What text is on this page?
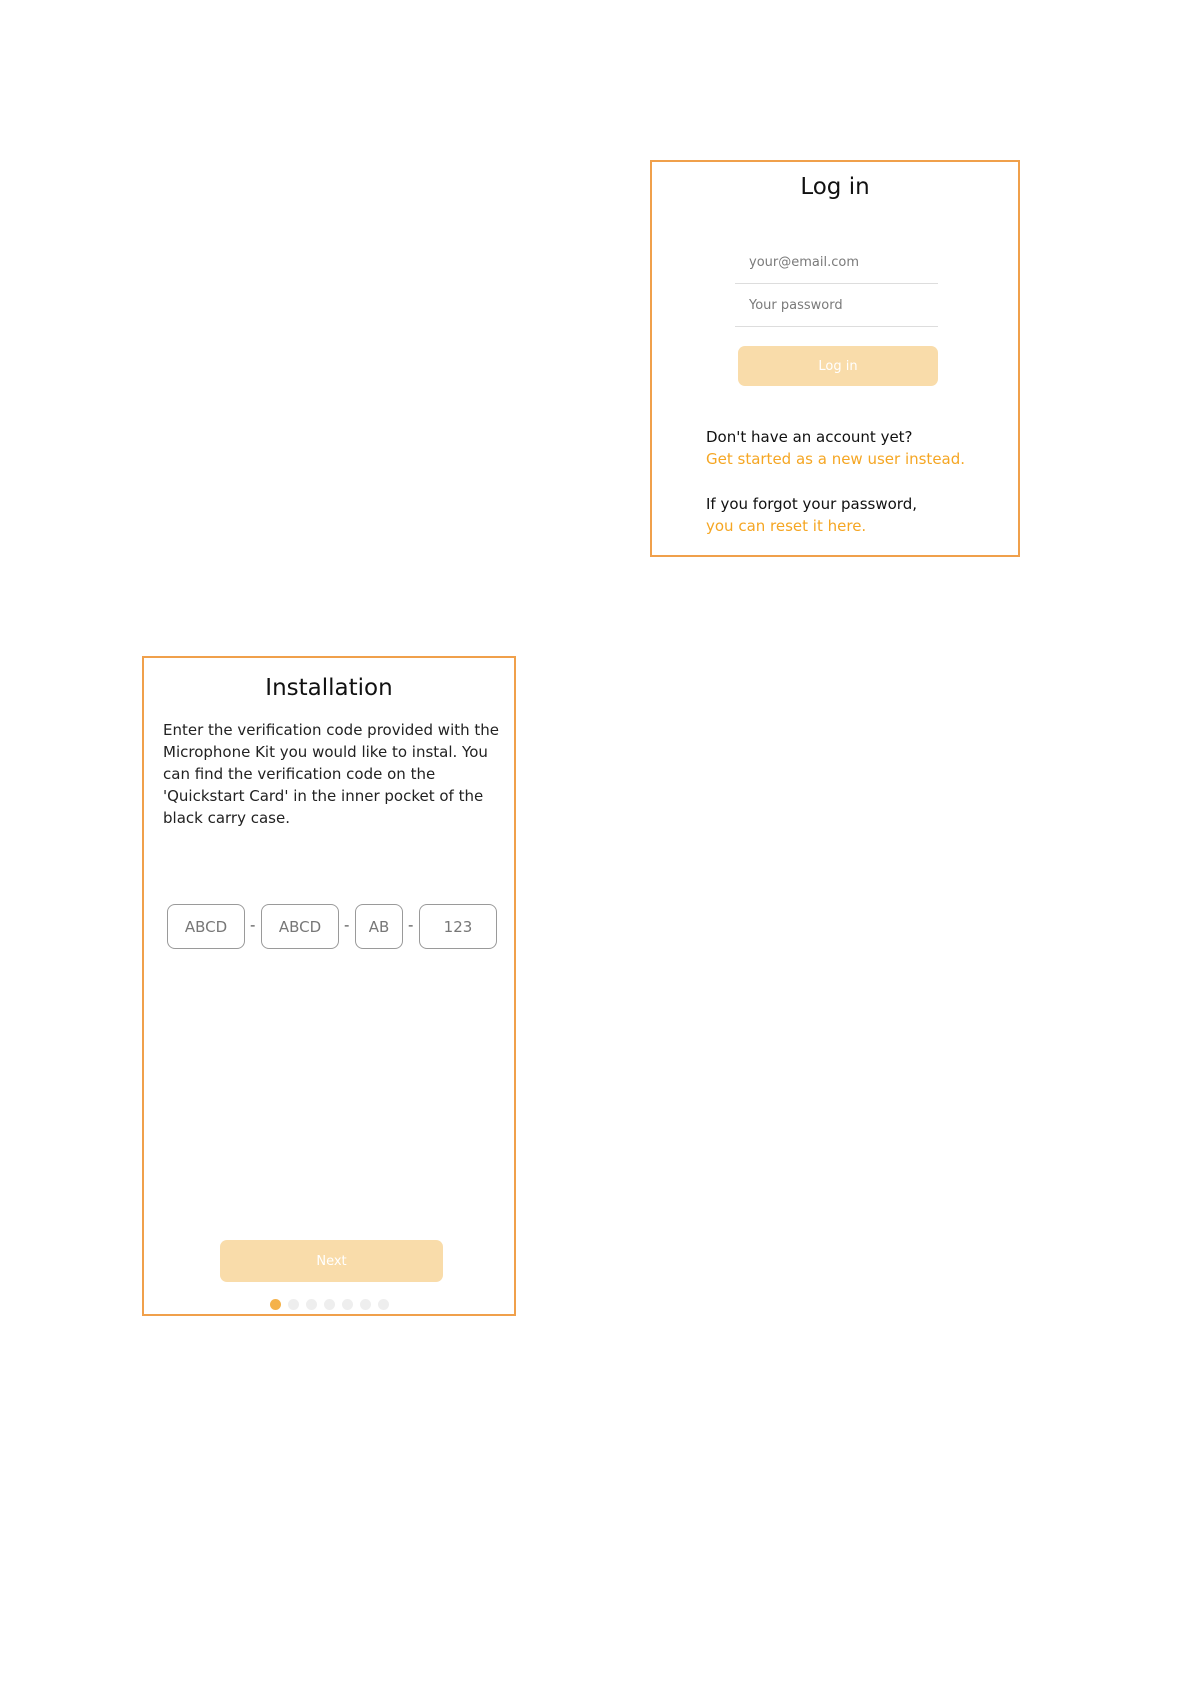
Log in
your@email.com
Log in
Don't have an account yet?
Get started as a new user instead.
If you forgot your password,
you can reset it here.
Installation
Enter the verification code provided with the Microphone Kit you would like to instal. You can find the verification code on the 'Quickstart Card' in the inner pocket of the black carry case.
ABCD
-
ABCD	-
AB	-
123
Next
